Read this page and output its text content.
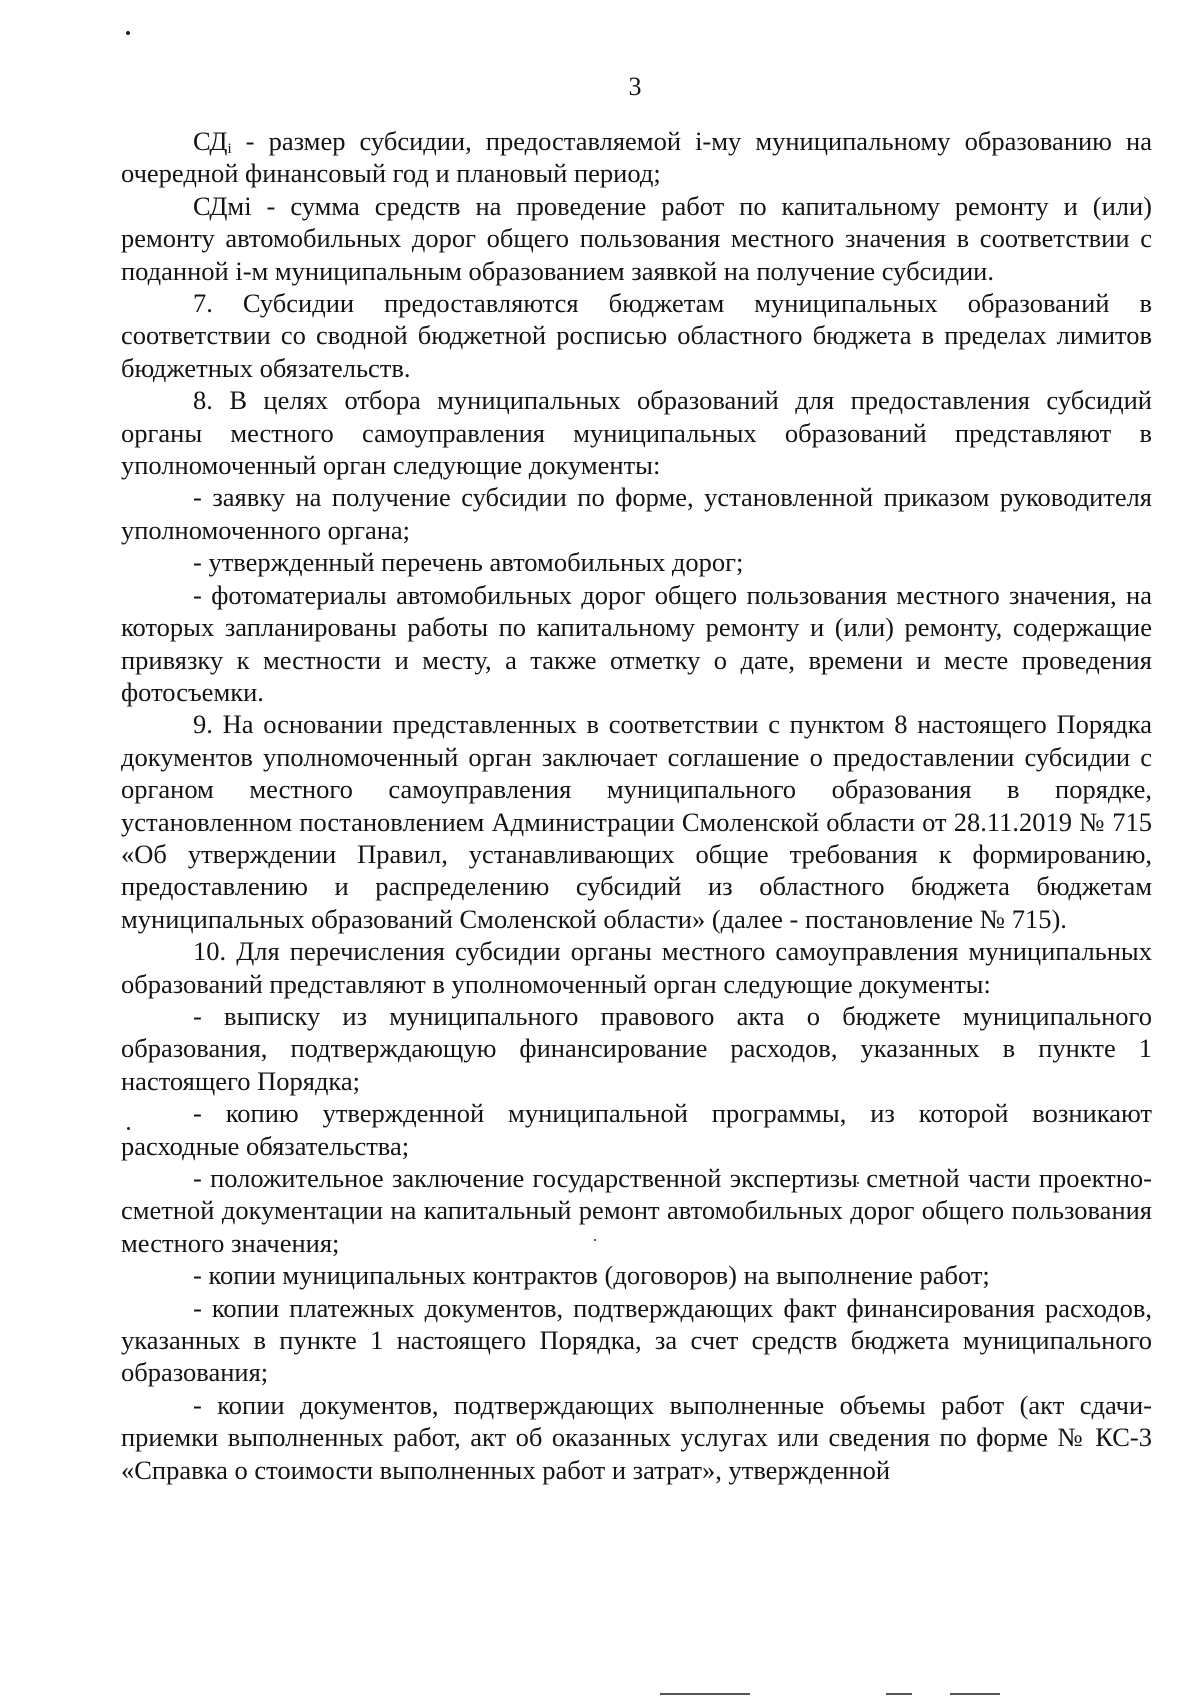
3

$СД_i$ - размер субсидии, предоставляемой i-му муниципальному образованию на очередной финансовый год и плановый период;

СДмi - сумма средств на проведение работ по капитальному ремонту и (или) ремонту автомобильных дорог общего пользования местного значения в соответствии с поданной i-м муниципальным образованием заявкой на получение субсидии.

7. Субсидии предоставляются бюджетам муниципальных образований в соответствии со сводной бюджетной росписью областного бюджета в пределах лимитов бюджетных обязательств.

8. В целях отбора муниципальных образований для предоставления субсидий органы местного самоуправления муниципальных образований представляют в уполномоченный орган следующие документы:

- заявку на получение субсидии по форме, установленной приказом руководителя уполномоченного органа;

- утвержденный перечень автомобильных дорог;

- фотоматериалы автомобильных дорог общего пользования местного значения, на которых запланированы работы по капитальному ремонту и (или) ремонту, содержащие привязку к местности и месту, а также отметку о дате, времени и месте проведения фотосъемки.

9. На основании представленных в соответствии с пунктом 8 настоящего Порядка документов уполномоченный орган заключает соглашение о предоставлении субсидии с органом местного самоуправления муниципального образования в порядке, установленном постановлением Администрации Смоленской области от 28.11.2019 № 715 «Об утверждении Правил, устанавливающих общие требования к формированию, предоставлению и распределению субсидий из областного бюджета бюджетам муниципальных образований Смоленской области» (далее - постановление № 715).

10. Для перечисления субсидии органы местного самоуправления муниципальных образований представляют в уполномоченный орган следующие документы:

- выписку из муниципального правового акта о бюджете муниципального образования, подтверждающую финансирование расходов, указанных в пункте 1 настоящего Порядка;

- копию утвержденной муниципальной программы, из которой возникают расходные обязательства;

- положительное заключение государственной экспертизы сметной части проектно-сметной документации на капитальный ремонт автомобильных дорог общего пользования местного значения;

- копии муниципальных контрактов (договоров) на выполнение работ;

- копии платежных документов, подтверждающих факт финансирования расходов, указанных в пункте 1 настоящего Порядка, за счет средств бюджета муниципального образования;

- копии документов, подтверждающих выполненные объемы работ (акт сдачи-приемки выполненных работ, акт об оказанных услугах или сведения по форме № КС-3 «Справка о стоимости выполненных работ и затрат», утвержденной
